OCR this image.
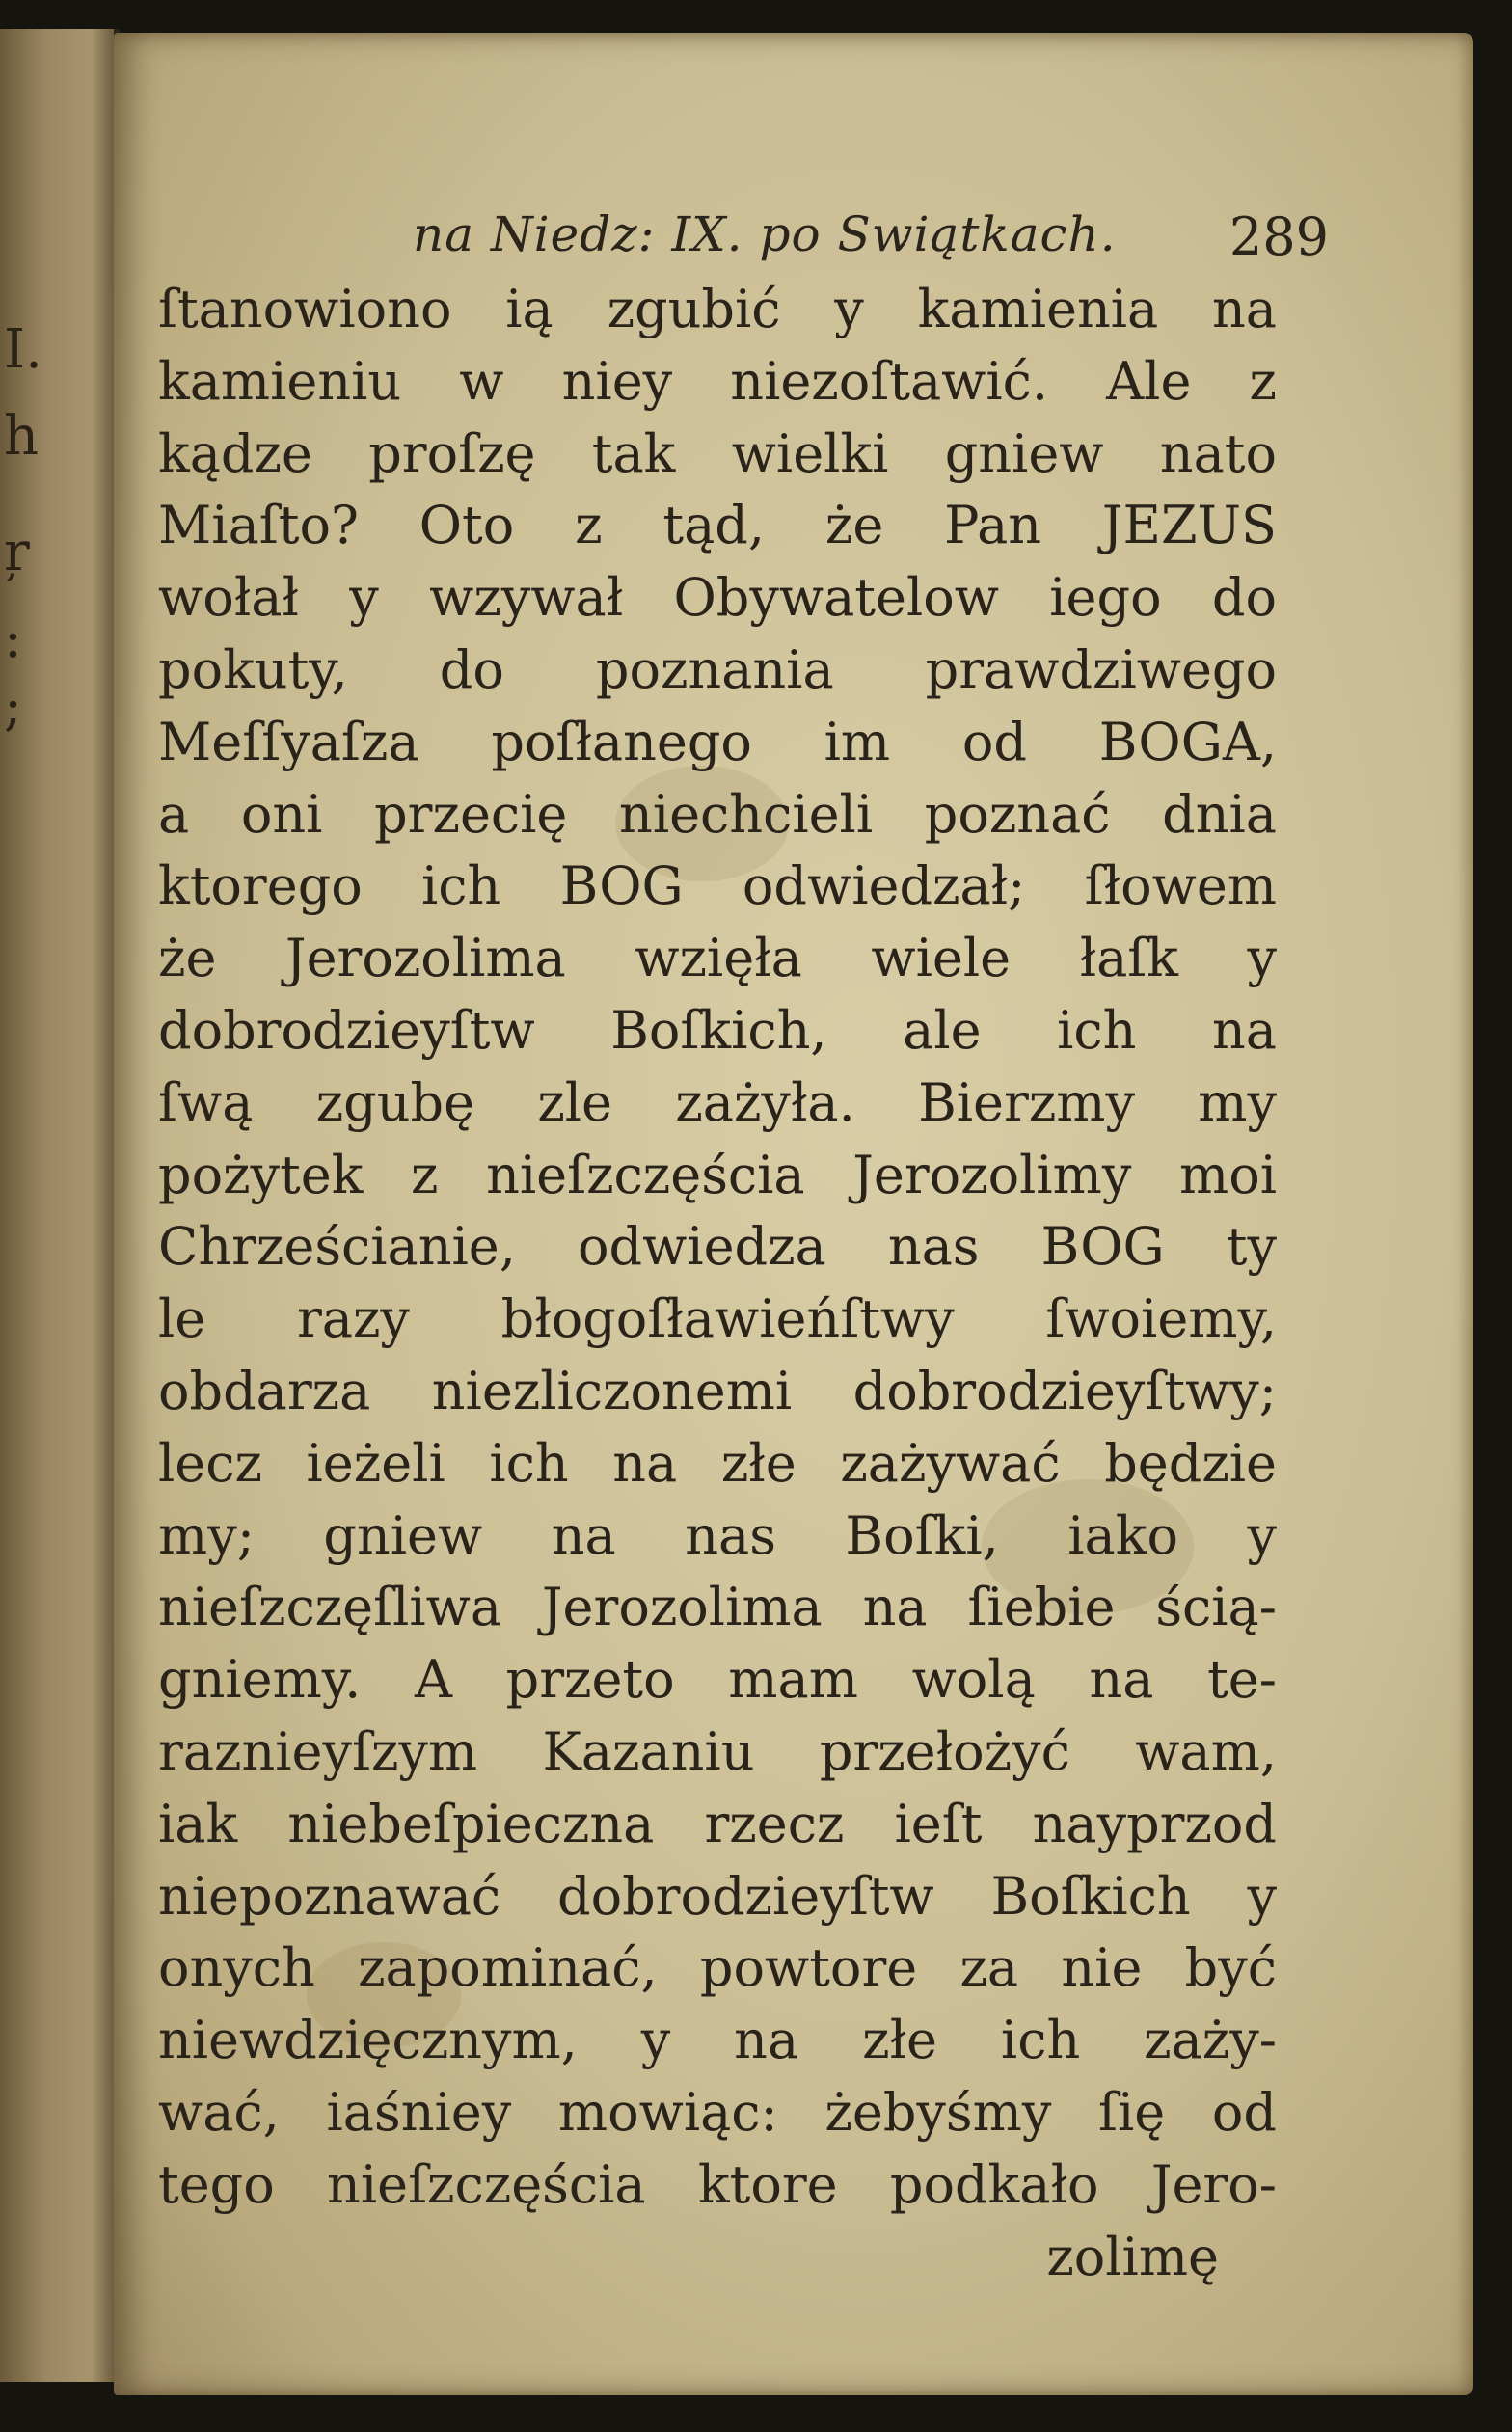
I.
h
ŗ
:
;
na Niedz: IX. po Swiątkach. 289
ſtanowiono ią zgubić y kamienia na
kamieniu w niey niezoſtawić. Ale z
kądze proſzę tak wielki gniew nato
Miaſto? Oto z tąd, że Pan JEZUS
wołał y wzywał Obywatelow iego do
pokuty, do poznania prawdziwego
Meſſyaſza poſłanego im od BOGA,
a oni przecię niechcieli poznać dnia
ktorego ich BOG odwiedzał; ſłowem
że Jerozolima wzięła wiele łaſk y
dobrodzieyſtw Boſkich, ale ich na
ſwą zgubę zle zażyła. Bierzmy my
pożytek z nieſzczęścia Jerozolimy moi
Chrześcianie, odwiedza nas BOG ty
le razy błogoſławieńſtwy ſwoiemy,
obdarza niezliczonemi dobrodzieyſtwy;
lecz ieżeli ich na złe zażywać będzie
my; gniew na nas Boſki, iako y
nieſzczęſliwa Jerozolima na ſiebie ścią-
gniemy. A przeto mam wolą na te-
raznieyſzym Kazaniu przełożyć wam,
iak niebeſpieczna rzecz ieſt nayprzod
niepoznawać dobrodzieyſtw Boſkich y
onych zapominać, powtore za nie być
niewdzięcznym, y na złe ich zaży-
wać, iaśniey mowiąc: żebyśmy ſię od
tego nieſzczęścia ktore podkało Jero-
zolimę
